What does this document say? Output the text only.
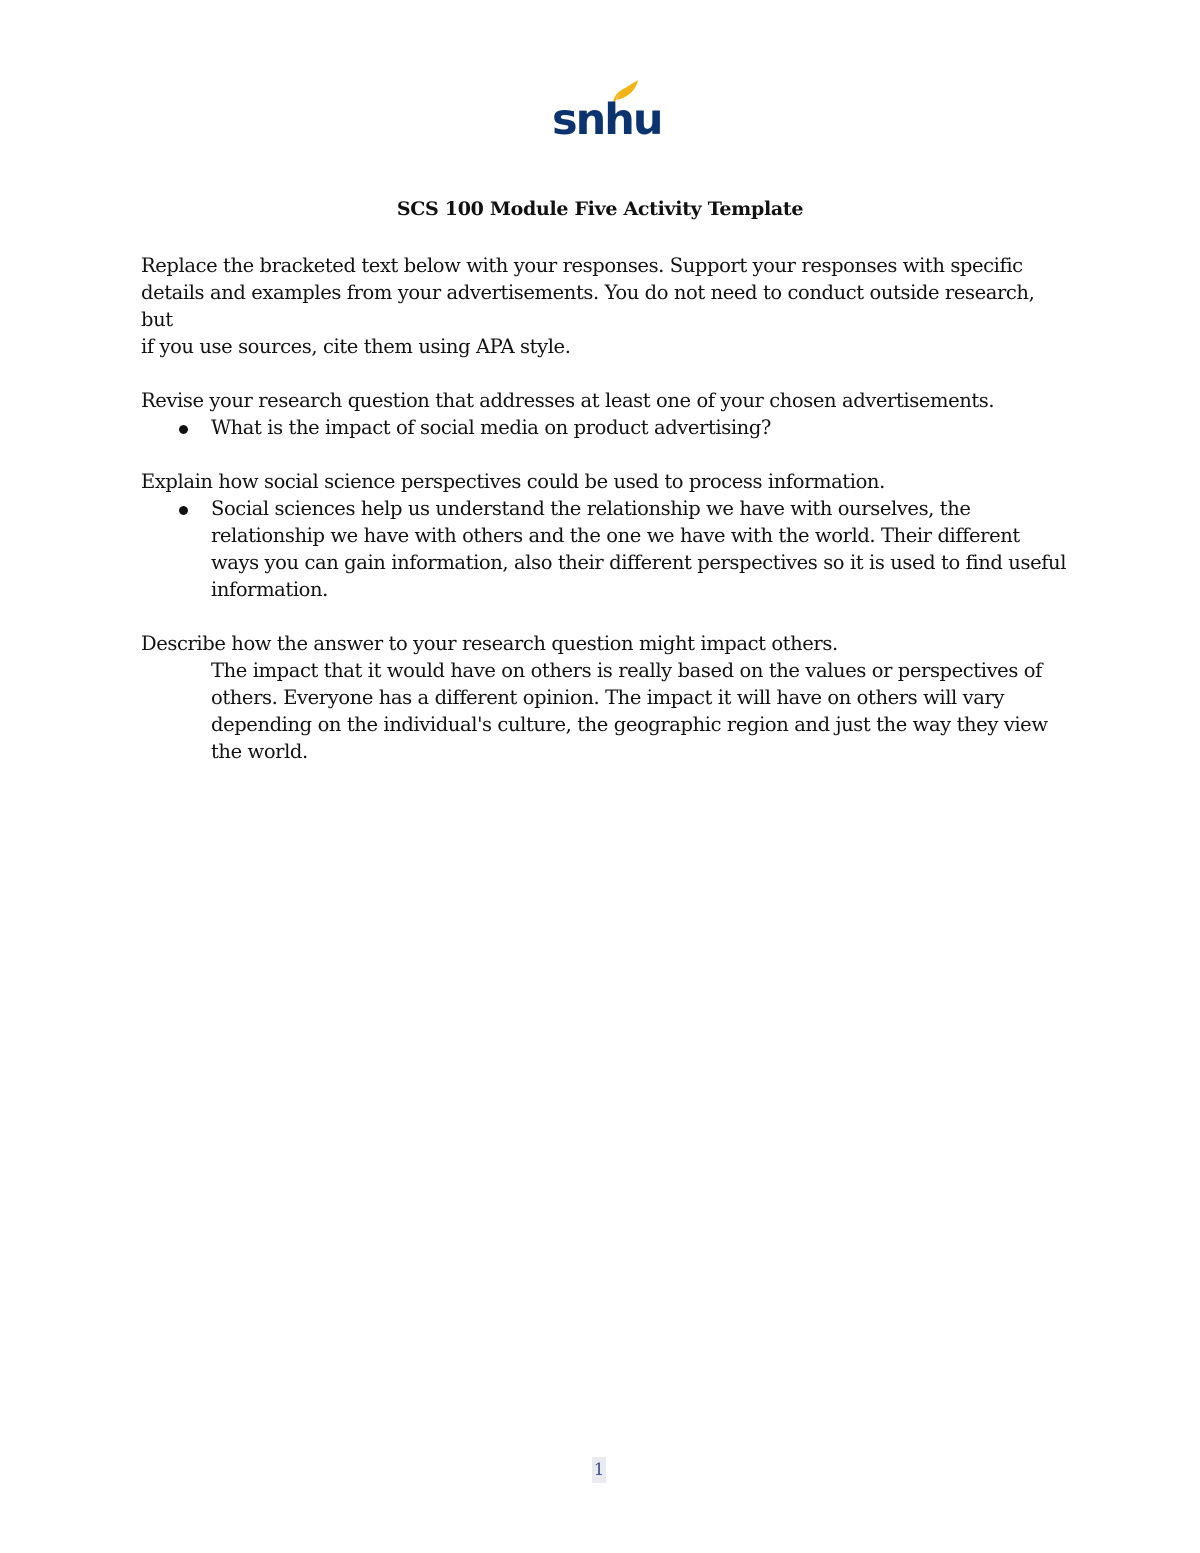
snhu
SCS 100 Module Five Activity Template

Replace the bracketed text below with your responses. Support your responses with specific

details and examples from your advertisements. You do not need to conduct outside research, but

if you use sources, cite them using APA style.

Revise your research question that addresses at least one of your chosen advertisements.

What is the impact of social media on product advertising?

Explain how social science perspectives could be used to process information.

Social sciences help us understand the relationship we have with ourselves, the

relationship we have with others and the one we have with the world. Their different

ways you can gain information, also their different perspectives so it is used to find useful

information.

Describe how the answer to your research question might impact others.

The impact that it would have on others is really based on the values or perspectives of

others. Everyone has a different opinion. The impact it will have on others will vary

depending on the individual's culture, the geographic region and just the way they view

the world.

1
